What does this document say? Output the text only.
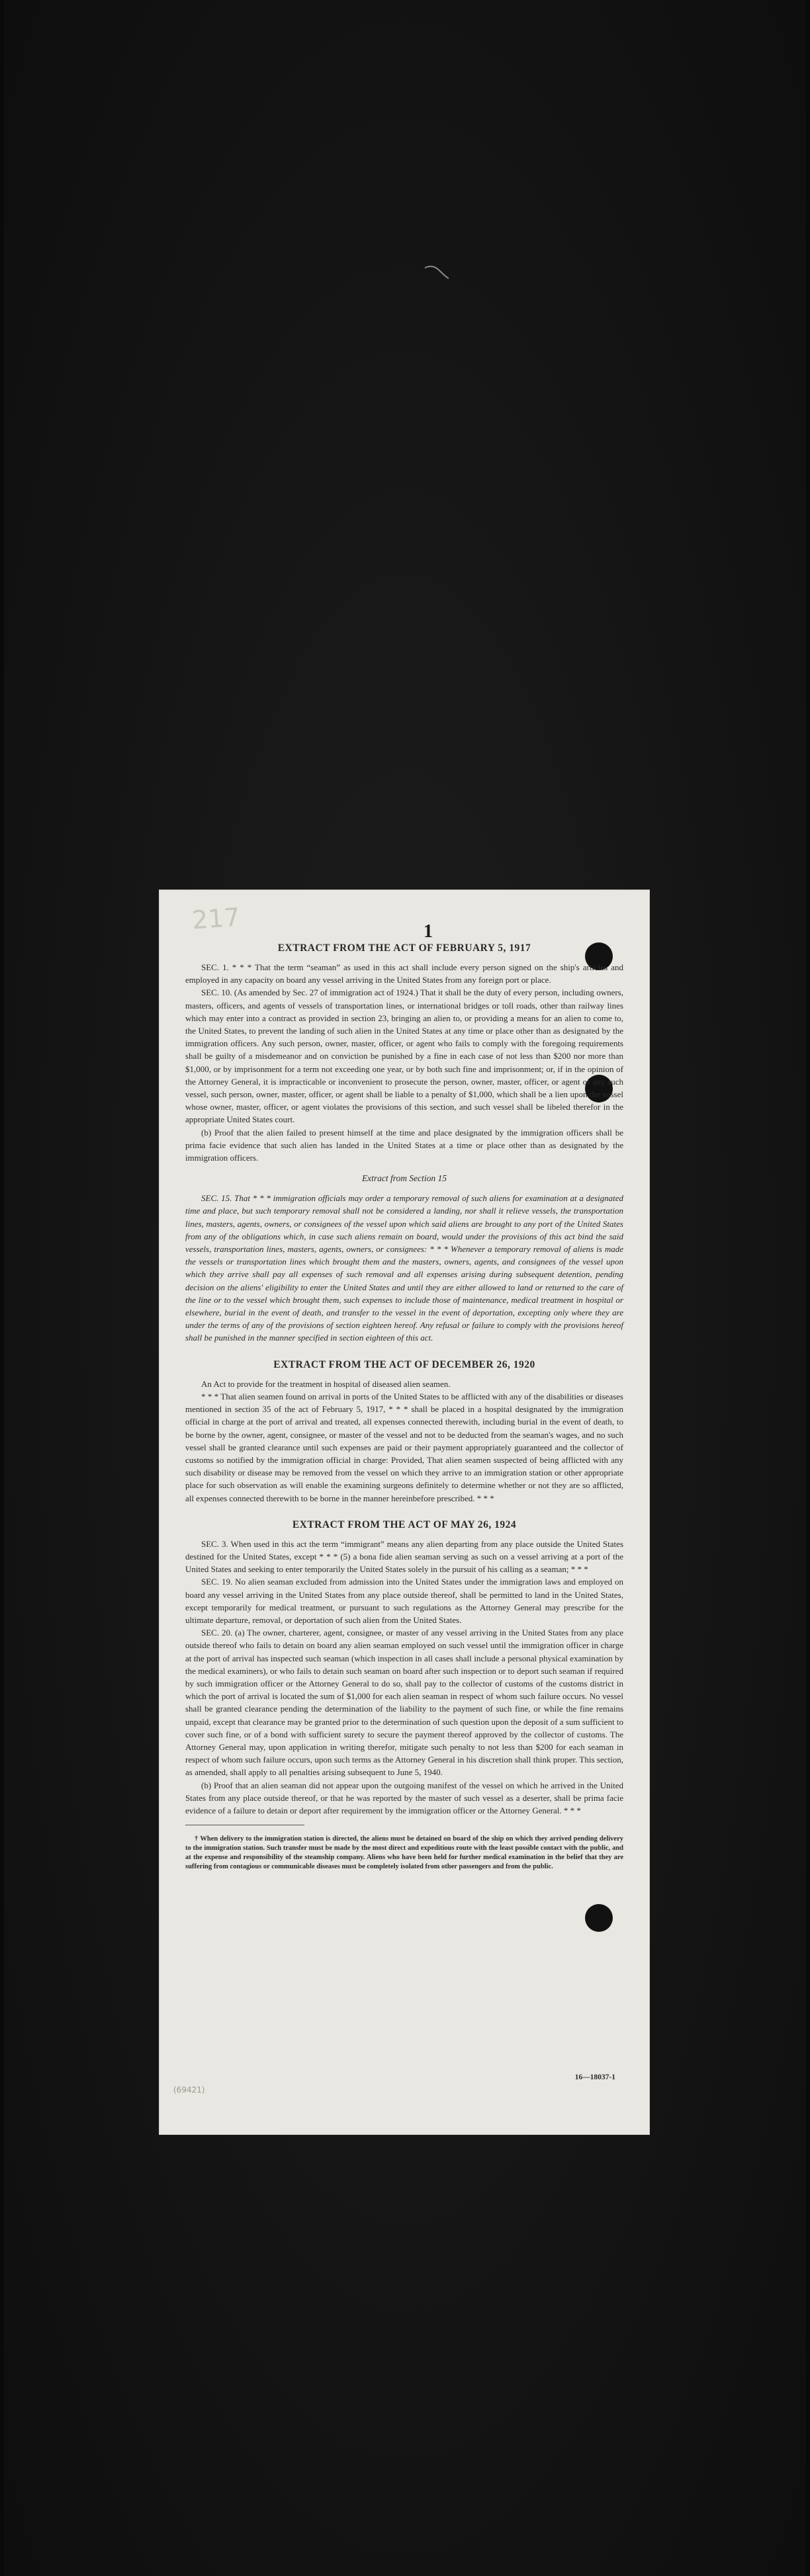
217	1
EXTRACT FROM THE ACT OF FEBRUARY 5, 1917

SEC. 1. * * * That the term “seaman” as used in this act shall include every person signed on the ship's articles and employed in any capacity on board any vessel arriving in the United States from any foreign port or place.

SEC. 10. (As amended by Sec. 27 of immigration act of 1924.) That it shall be the duty of every person, including owners, masters, officers, and agents of vessels of transportation lines, or international bridges or toll roads, other than railway lines which may enter into a contract as provided in section 23, bringing an alien to, or providing a means for an alien to come to, the United States, to prevent the landing of such alien in the United States at any time or place other than as designated by the immigration officers. Any such person, owner, master, officer, or agent who fails to comply with the foregoing requirements shall be guilty of a misdemeanor and on conviction be punished by a fine in each case of not less than $200 nor more than $1,000, or by imprisonment for a term not exceeding one year, or by both such fine and imprisonment; or, if in the opinion of the Attorney General, it is impracticable or inconvenient to prosecute the person, owner, master, officer, or agent of any such vessel, such person, owner, master, officer, or agent shall be liable to a penalty of $1,000, which shall be a lien upon the vessel whose owner, master, officer, or agent violates the provisions of this section, and such vessel shall be libeled therefor in the appropriate United States court.

(b) Proof that the alien failed to present himself at the time and place designated by the immigration officers shall be prima facie evidence that such alien has landed in the United States at a time or place other than as designated by the immigration officers.

Extract from Section 15

SEC. 15. That * * * immigration officials may order a temporary removal of such aliens for examination at a designated time and place, but such temporary removal shall not be considered a landing, nor shall it relieve vessels, the transportation lines, masters, agents, owners, or consignees of the vessel upon which said aliens are brought to any port of the United States from any of the obligations which, in case such aliens remain on board, would under the provisions of this act bind the said vessels, transportation lines, masters, agents, owners, or consignees: * * * Whenever a temporary removal of aliens is made the vessels or transportation lines which brought them and the masters, owners, agents, and consignees of the vessel upon which they arrive shall pay all expenses of such removal and all expenses arising during subsequent detention, pending decision on the aliens' eligibility to enter the United States and until they are either allowed to land or returned to the care of the line or to the vessel which brought them, such expenses to include those of maintenance, medical treatment in hospital or elsewhere, burial in the event of death, and transfer to the vessel in the event of deportation, excepting only where they are under the terms of any of the provisions of section eighteen hereof. Any refusal or failure to comply with the provisions hereof shall be punished in the manner specified in section eighteen of this act.

EXTRACT FROM THE ACT OF DECEMBER 26, 1920

An Act to provide for the treatment in hospital of diseased alien seamen.

* * * That alien seamen found on arrival in ports of the United States to be afflicted with any of the disabilities or diseases mentioned in section 35 of the act of February 5, 1917, * * * shall be placed in a hospital designated by the immigration official in charge at the port of arrival and treated, all expenses connected therewith, including burial in the event of death, to be borne by the owner, agent, consignee, or master of the vessel and not to be deducted from the seaman's wages, and no such vessel shall be granted clearance until such expenses are paid or their payment appropriately guaranteed and the collector of customs so notified by the immigration official in charge: Provided, That alien seamen suspected of being afflicted with any such disability or disease may be removed from the vessel on which they arrive to an immigration station or other appropriate place for such observation as will enable the examining surgeons definitely to determine whether or not they are so afflicted, all expenses connected therewith to be borne in the manner hereinbefore prescribed. * * *

EXTRACT FROM THE ACT OF MAY 26, 1924

SEC. 3. When used in this act the term “immigrant” means any alien departing from any place outside the United States destined for the United States, except * * * (5) a bona fide alien seaman serving as such on a vessel arriving at a port of the United States and seeking to enter temporarily the United States solely in the pursuit of his calling as a seaman; * * *

SEC. 19. No alien seaman excluded from admission into the United States under the immigration laws and employed on board any vessel arriving in the United States from any place outside thereof, shall be permitted to land in the United States, except temporarily for medical treatment, or pursuant to such regulations as the Attorney General may prescribe for the ultimate departure, removal, or deportation of such alien from the United States.

SEC. 20. (a) The owner, charterer, agent, consignee, or master of any vessel arriving in the United States from any place outside thereof who fails to detain on board any alien seaman employed on such vessel until the immigration officer in charge at the port of arrival has inspected such seaman (which inspection in all cases shall include a personal physical examination by the medical examiners), or who fails to detain such seaman on board after such inspection or to deport such seaman if required by such immigration officer or the Attorney General to do so, shall pay to the collector of customs of the customs district in which the port of arrival is located the sum of $1,000 for each alien seaman in respect of whom such failure occurs. No vessel shall be granted clearance pending the determination of the liability to the payment of such fine, or while the fine remains unpaid, except that clearance may be granted prior to the determination of such question upon the deposit of a sum sufficient to cover such fine, or of a bond with sufficient surety to secure the payment thereof approved by the collector of customs. The Attorney General may, upon application in writing therefor, mitigate such penalty to not less than $200 for each seaman in respect of whom such failure occurs, upon such terms as the Attorney General in his discretion shall think proper. This section, as amended, shall apply to all penalties arising subsequent to June 5, 1940.

(b) Proof that an alien seaman did not appear upon the outgoing manifest of the vessel on which he arrived in the United States from any place outside thereof, or that he was reported by the master of such vessel as a deserter, shall be prima facie evidence of a failure to detain or deport after requirement by the immigration officer or the Attorney General. * * *

† When delivery to the immigration station is directed, the aliens must be detained on board of the ship on which they arrived pending delivery to the immigration station. Such transfer must be made by the most direct and expeditious route with the least possible contact with the public, and at the expense and responsibility of the steamship company. Aliens who have been held for further medical examination in the belief that they are suffering from contagious or communicable diseases must be completely isolated from other passengers and from the public.

16—18037-1
(69421)
